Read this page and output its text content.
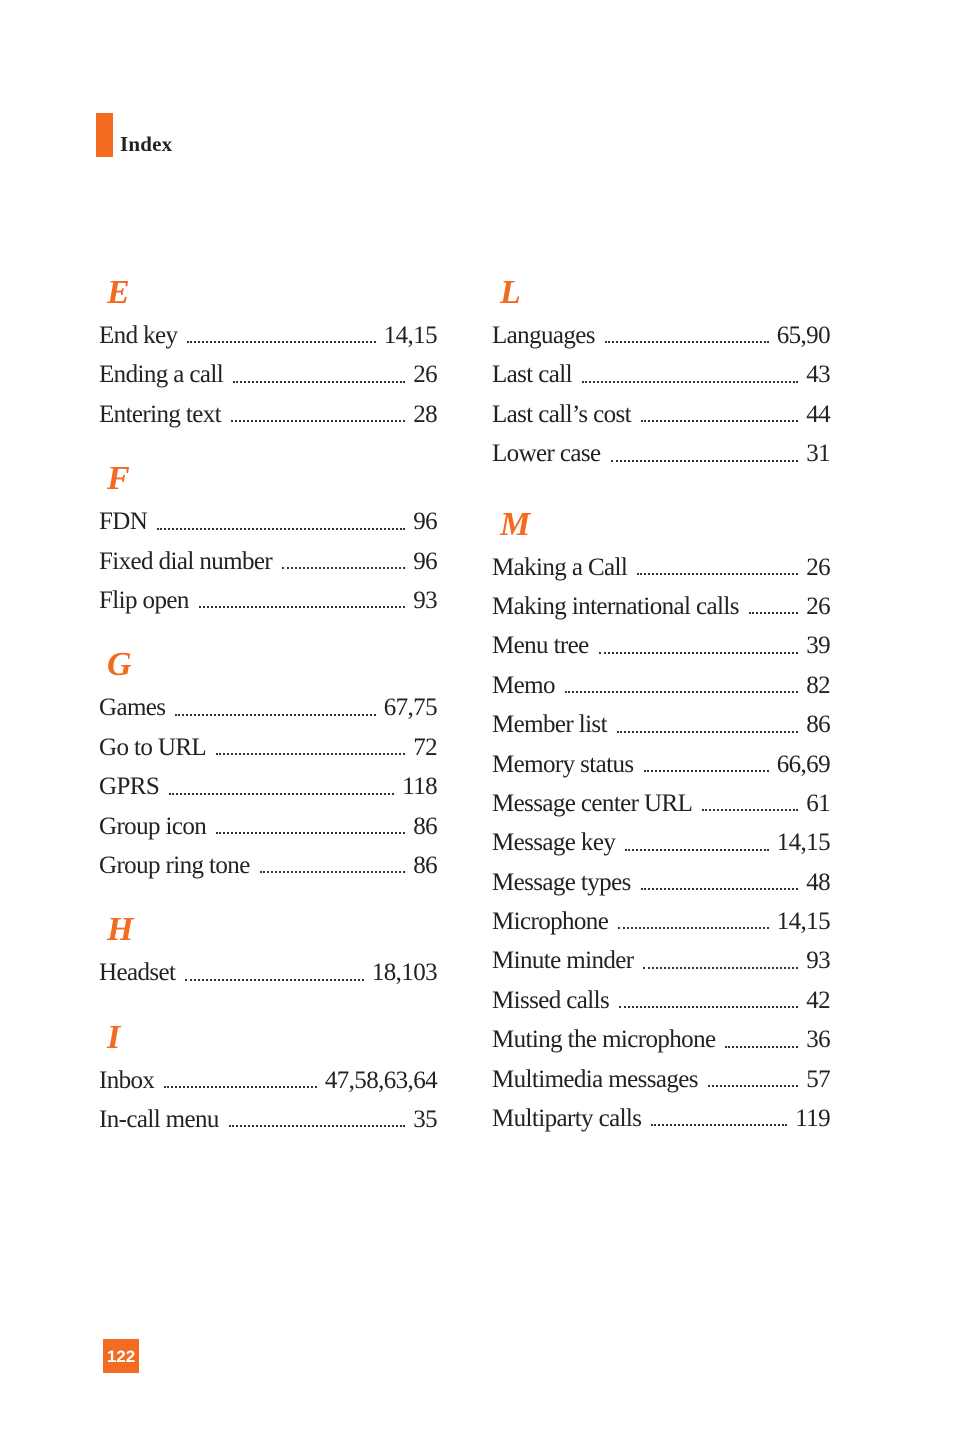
Index
E
End key	14,15
Ending a call	26
Entering text	28
F
FDN	96
Fixed dial number	96
Flip open	93
G
Games	67,75
Go to URL	72
GPRS	118
Group icon	86
Group ring tone	86
H
Headset	18,103
I
Inbox	47,58,63,64
In-call menu	35
L
Languages	65,90
Last call	43
Last call’s cost	44
Lower case	31
M
Making a Call	26
Making international calls	26
Menu tree	39
Memo	82
Member list	86
Memory status	66,69
Message center URL	61
Message key	14,15
Message types	48
Microphone	14,15
Minute minder	93
Missed calls	42
Muting the microphone	36
Multimedia messages	57
Multiparty calls	119
122
